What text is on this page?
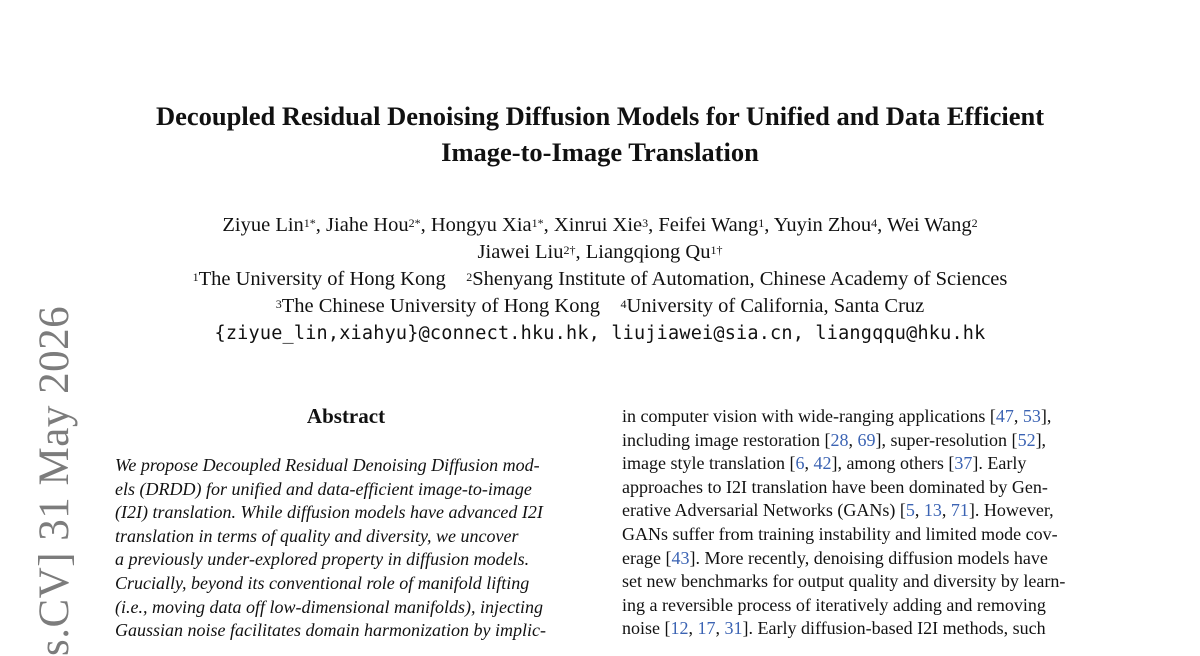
s.CV] 31 May 2026
Decoupled Residual Denoising Diffusion Models for Unified and Data Efficient
Image-to-Image Translation
Ziyue Lin$^{1*}$, Jiahe Hou$^{2*}$, Hongyu Xia$^{1*}$, Xinrui Xie$^3$, Feifei Wang$^1$, Yuyin Zhou$^4$, Wei Wang$^2$
Jiawei Liu$^{2\dagger}$, Liangqiong $Qu^{1\dagger}$
$^1$The University of Hong Kong $^2$Shenyang Institute of Automation, Chinese Academy of Sciences
$^3$The Chinese University of Hong Kong $^4$University of California, Santa Cruz
{ziyue_lin,xiahyu}@connect.hku.hk, liujiawei@sia.cn, liangqqu@hku.hk
Abstract
We propose Decoupled Residual Denoising Diffusion mod-
els (DRDD) for unified and data-efficient image-to-image
(I2I) translation. While diffusion models have advanced I2I
translation in terms of quality and diversity, we uncover
a previously under-explored property in diffusion models.
Crucially, beyond its conventional role of manifold lifting
(i.e., moving data off low-dimensional manifolds), injecting
Gaussian noise facilitates domain harmonization by implic-
in computer vision with wide-ranging applications [47, 53],
including image restoration [28, 69], super-resolution [52],
image style translation [6, 42], among others [37]. Early
approaches to I2I translation have been dominated by Gen-
erative Adversarial Networks (GANs) [5, 13, 71]. However,
GANs suffer from training instability and limited mode cov-
erage [43]. More recently, denoising diffusion models have
set new benchmarks for output quality and diversity by learn-
ing a reversible process of iteratively adding and removing
noise [12, 17, 31]. Early diffusion-based I2I methods, such
